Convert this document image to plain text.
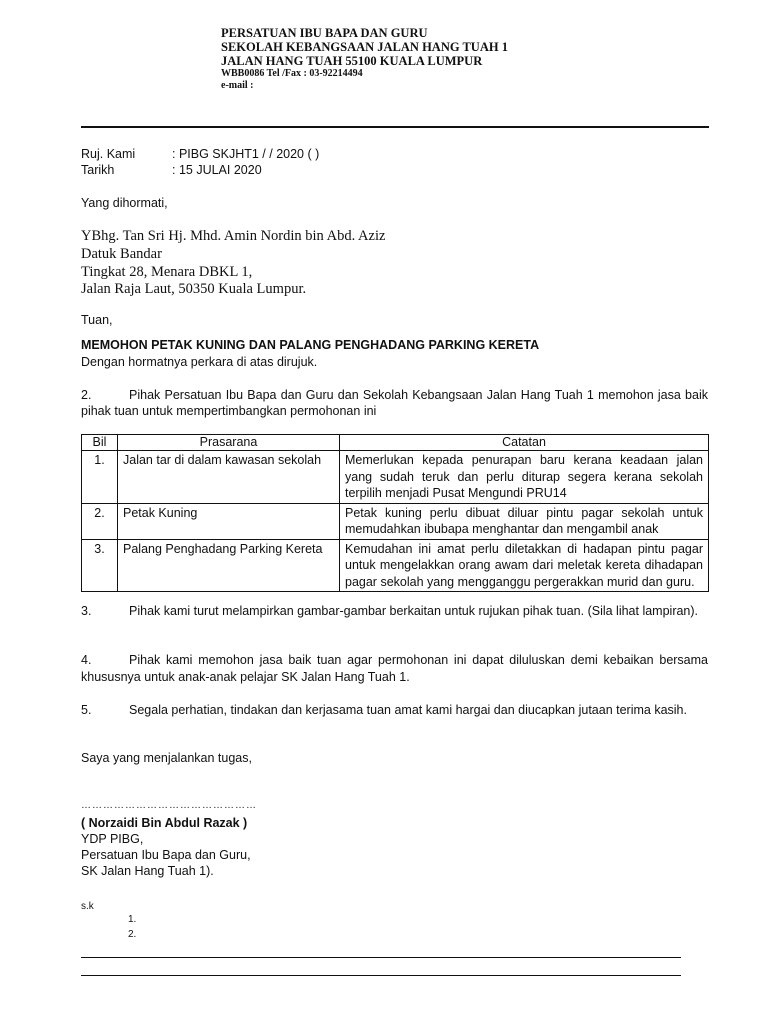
PERSATUAN IBU BAPA DAN GURU
SEKOLAH KEBANGSAAN JALAN HANG TUAH 1
JALAN HANG TUAH 55100 KUALA LUMPUR
WBB0086 Tel /Fax : 03-92214494
e-mail :
Ruj. Kami	: PIBG SKJHT1 / / 2020 ( )
Tarikh	: 15 JULAI 2020
Yang dihormati,
YBhg. Tan Sri Hj. Mhd. Amin Nordin bin Abd. Aziz
Datuk Bandar
Tingkat 28, Menara DBKL 1,
Jalan Raja Laut, 50350 Kuala Lumpur.
Tuan,
MEMOHON PETAK KUNING DAN PALANG PENGHADANG PARKING KERETA
Dengan hormatnya perkara di atas dirujuk.
2.	Pihak Persatuan Ibu Bapa dan Guru dan Sekolah Kebangsaan Jalan Hang Tuah 1 memohon jasa baik
pihak tuan untuk mempertimbangkan permohonan ini
Bil	Prasarana	Catatan
1.	Jalan tar di dalam kawasan sekolah	Memerlukan kepada penurapan baru kerana keadaan jalan yang sudah teruk dan perlu diturap segera kerana sekolah terpilih menjadi Pusat Mengundi PRU14
2.	Petak Kuning	Petak kuning perlu dibuat diluar pintu pagar sekolah untuk memudahkan ibubapa menghantar dan mengambil anak
3.	Palang Penghadang Parking Kereta	Kemudahan ini amat perlu diletakkan di hadapan pintu pagar untuk mengelakkan orang awam dari meletak kereta dihadapan pagar sekolah yang mengganggu pergerakkan murid dan guru.
3.	Pihak kami turut melampirkan gambar-gambar berkaitan untuk rujukan pihak tuan. (Sila lihat lampiran).
4.	Pihak kami memohon jasa baik tuan agar permohonan ini dapat diluluskan demi kebaikan bersama khususnya untuk anak-anak pelajar SK Jalan Hang Tuah 1.
5.	Segala perhatian, tindakan dan kerjasama tuan amat kami hargai dan diucapkan jutaan terima kasih.
Saya yang menjalankan tugas,
…………………………………………
( Norzaidi Bin Abdul Razak )
YDP PIBG,
Persatuan Ibu Bapa dan Guru,
SK Jalan Hang Tuah 1).
s.k
1.
2.
